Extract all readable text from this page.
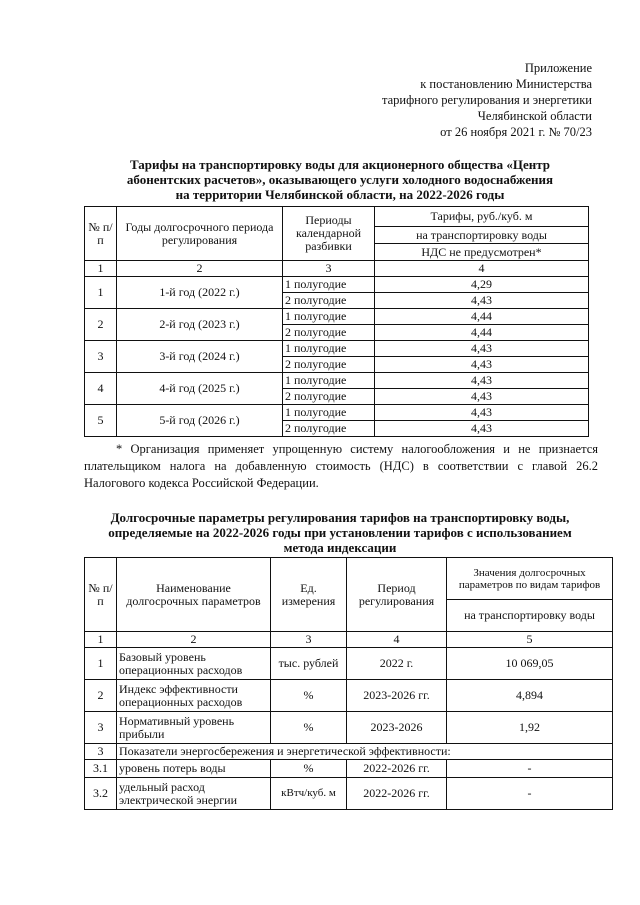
Приложение
к постановлению Министерства
тарифного регулирования и энергетики
Челябинской области
от 26 ноября 2021 г. № 70/23
Тарифы на транспортировку воды для акционерного общества «Центр
абонентских расчетов», оказывающего услуги холодного водоснабжения
на территории Челябинской области, на 2022-2026 годы
№ п/п	Годы долгосрочного периода регулирования	Периоды календарной разбивки	Тарифы, руб./куб. м
			на транспортировку воды
			НДС не предусмотрен*
1	2	3	4
1	1-й год (2022 г.)	1 полугодие	4,29
		2 полугодие	4,43
2	2-й год (2023 г.)	1 полугодие	4,44
		2 полугодие	4,44
3	3-й год (2024 г.)	1 полугодие	4,43
		2 полугодие	4,43
4	4-й год (2025 г.)	1 полугодие	4,43
		2 полугодие	4,43
5	5-й год (2026 г.)	1 полугодие	4,43
		2 полугодие	4,43
* Организация применяет упрощенную систему налогообложения и не признается плательщиком налога на добавленную стоимость (НДС) в соответствии с главой 26.2 Налогового кодекса Российской Федерации.
Долгосрочные параметры регулирования тарифов на транспортировку воды,
определяемые на 2022-2026 годы при установлении тарифов с использованием
метода индексации
№ п/п	Наименование долгосрочных параметров	Ед. измерения	Период регулирования	Значения долгосрочных параметров по видам тарифов
				на транспортировку воды
1	2	3	4	5
1	Базовый уровень операционных расходов	тыс. рублей	2022 г.	10 069,05
2	Индекс эффективности операционных расходов	%	2023-2026 гг.	4,894
3	Нормативный уровень прибыли	%	2023-2026	1,92
3	Показатели энергосбережения и энергетической эффективности:			
3.1	уровень потерь воды	%	2022-2026 гг.	-
3.2	удельный расход электрической энергии	кВтч/куб. м	2022-2026 гг.	-
